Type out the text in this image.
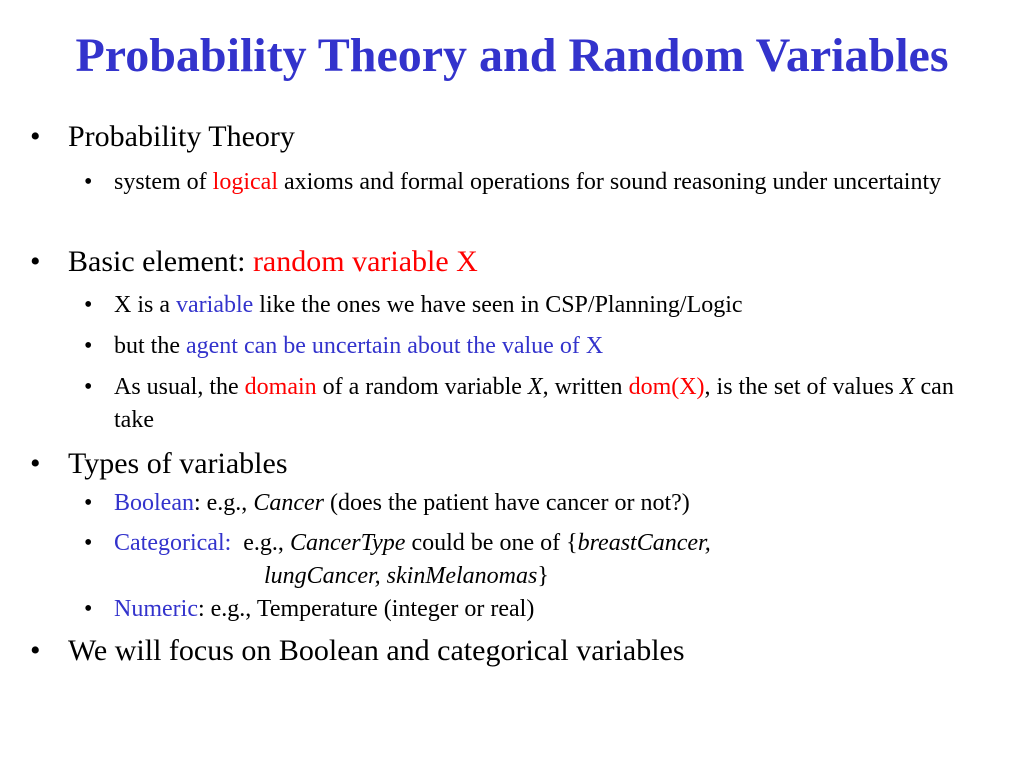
Probability Theory and Random Variables
• Probability Theory
• system of logical axioms and formal operations for sound reasoning under uncertainty
• Basic element: random variable X
• X is a variable like the ones we have seen in CSP/Planning/Logic
• but the agent can be uncertain about the value of X
• As usual, the domain of a random variable X, written dom(X), is the set of values X can take
• Types of variables
• Boolean: e.g., Cancer (does the patient have cancer or not?)
• Categorical:  e.g., CancerType could be one of {breastCancer,
lungCancer, skinMelanomas}
• Numeric: e.g., Temperature (integer or real)
• We will focus on Boolean and categorical variables
